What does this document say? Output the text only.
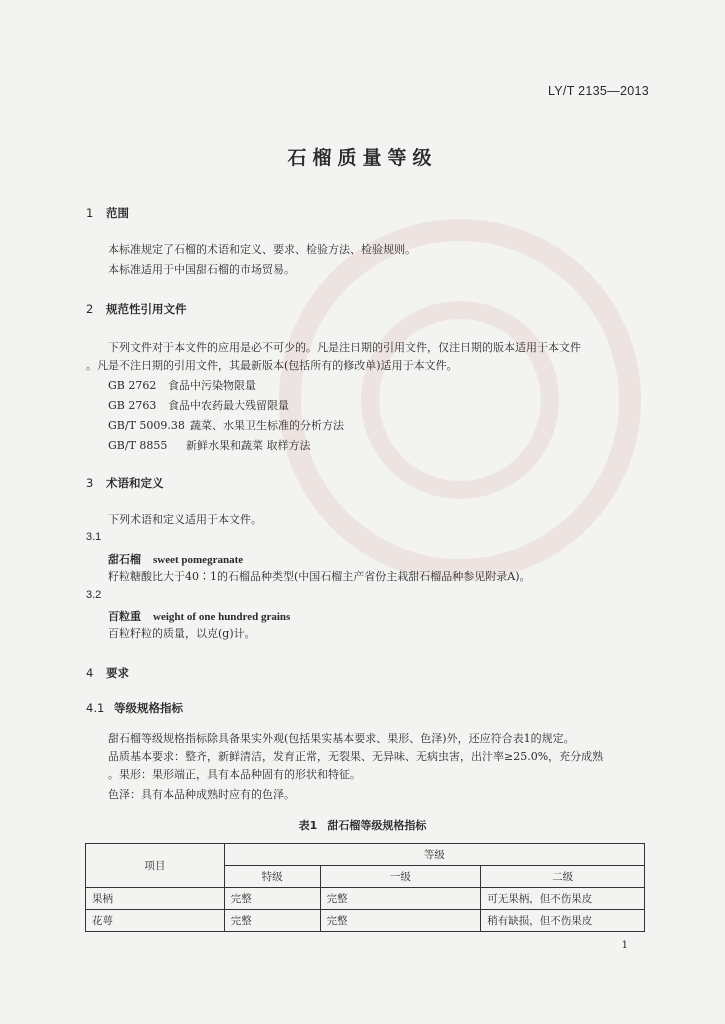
LY/T 2135—2013
石榴质量等级
1 范围
本标准规定了石榴的术语和定义、要求、检验方法、检验规则。
本标准适用于中国甜石榴的市场贸易。
2 规范性引用文件
下列文件对于本文件的应用是必不可少的。凡是注日期的引用文件，仅注日期的版本适用于本文件
。凡是不注日期的引用文件，其最新版本(包括所有的修改单)适用于本文件。
GB 2762 食品中污染物限量
GB 2763 食品中农药最大残留限量
GB/T 5009.38 蔬菜、水果卫生标准的分析方法
GB/T 8855 新鲜水果和蔬菜 取样方法
3 术语和定义
下列术语和定义适用于本文件。
3.1
甜石榴 sweet pomegranate
籽粒糖酸比大于40∶1的石榴品种类型(中国石榴主产省份主栽甜石榴品种参见附录A)。
3.2
百粒重 weight of one hundred grains
百粒籽粒的质量，以克(g)计。
4 要求
4.1 等级规格指标
甜石榴等级规格指标除具备果实外观(包括果实基本要求、果形、色泽)外，还应符合表1的规定。
品质基本要求：整齐，新鲜清洁，发育正常，无裂果、无异味、无病虫害，出汁率≥25.0%，充分成熟
。果形：果形端正，具有本品种固有的形状和特征。
色泽：具有本品种成熟时应有的色泽。
表1 甜石榴等级规格指标
项目	等级		
	特级	一级	二级
果柄	完整	完整	可无果柄，但不伤果皮
花萼	完整	完整	稍有缺损，但不伤果皮
1
